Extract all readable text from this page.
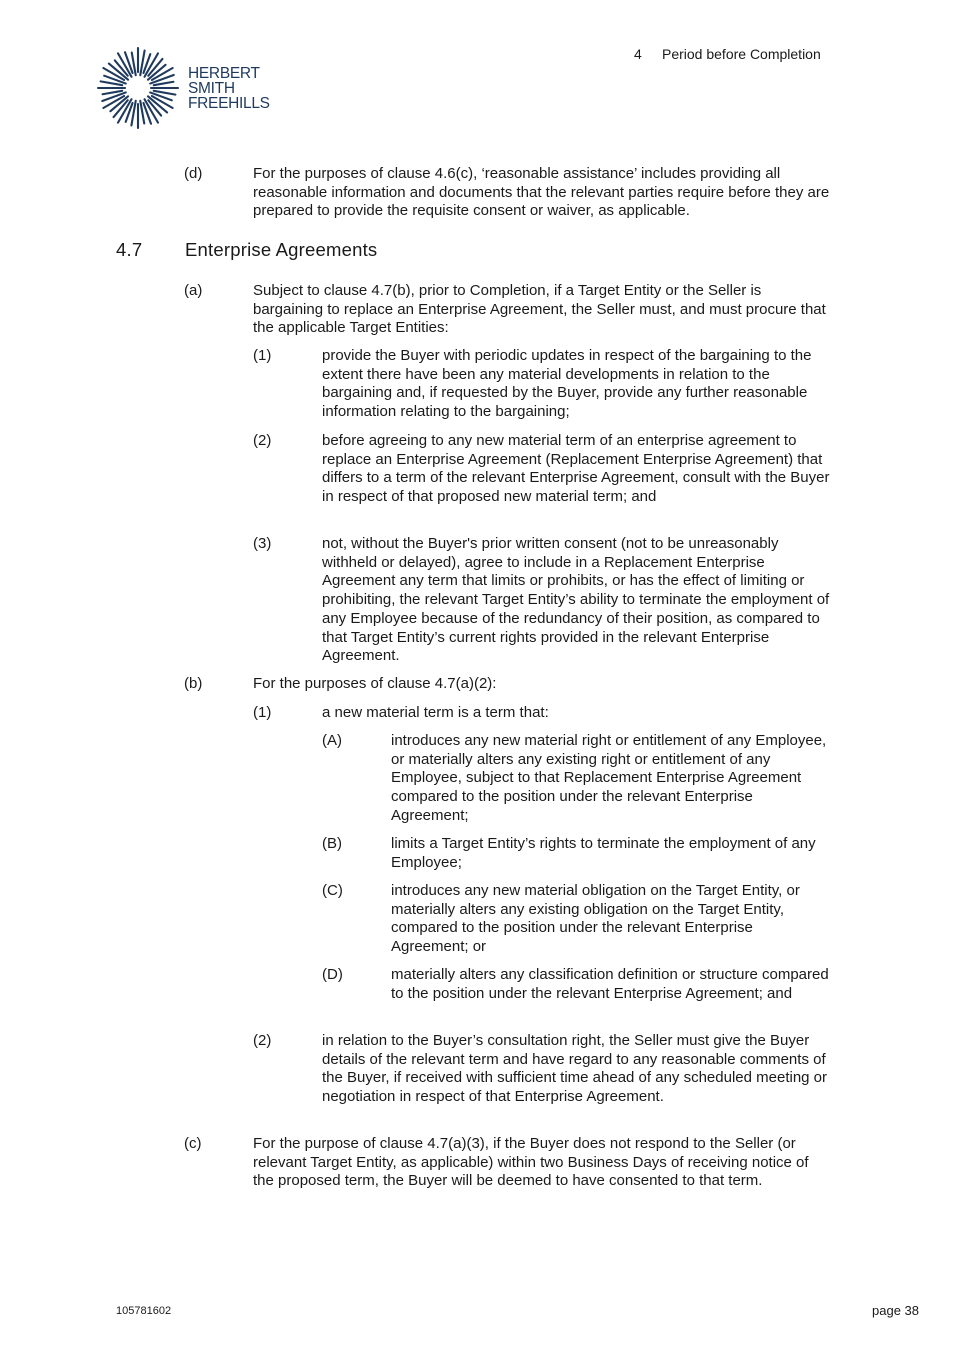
HERBERT
SMITH
FREEHILLS
4 Period before Completion
(d)	For the purposes of clause 4.6(c), ‘reasonable assistance’ includes providing all reasonable information and documents that the relevant parties require before they are prepared to provide the requisite consent or waiver, as applicable.
4.7 Enterprise Agreements
(a)	Subject to clause 4.7(b), prior to Completion, if a Target Entity or the Seller is bargaining to replace an Enterprise Agreement, the Seller must, and must procure that the applicable Target Entities:
(1)	provide the Buyer with periodic updates in respect of the bargaining to the extent there have been any material developments in relation to the bargaining and, if requested by the Buyer, provide any further reasonable information relating to the bargaining;
(2)	before agreeing to any new material term of an enterprise agreement to replace an Enterprise Agreement (Replacement Enterprise Agreement) that differs to a term of the relevant Enterprise Agreement, consult with the Buyer in respect of that proposed new material term; and
(3)	not, without the Buyer's prior written consent (not to be unreasonably withheld or delayed), agree to include in a Replacement Enterprise Agreement any term that limits or prohibits, or has the effect of limiting or prohibiting, the relevant Target Entity’s ability to terminate the employment of any Employee because of the redundancy of their position, as compared to that Target Entity’s current rights provided in the relevant Enterprise Agreement.
(b)	For the purposes of clause 4.7(a)(2):
(1)	a new material term is a term that:
(A)	introduces any new material right or entitlement of any Employee, or materially alters any existing right or entitlement of any Employee, subject to that Replacement Enterprise Agreement compared to the position under the relevant Enterprise Agreement;
(B)	limits a Target Entity’s rights to terminate the employment of any Employee;
(C)	introduces any new material obligation on the Target Entity, or materially alters any existing obligation on the Target Entity, compared to the position under the relevant Enterprise Agreement; or
(D)	materially alters any classification definition or structure compared to the position under the relevant Enterprise Agreement; and
(2)	in relation to the Buyer’s consultation right, the Seller must give the Buyer details of the relevant term and have regard to any reasonable comments of the Buyer, if received with sufficient time ahead of any scheduled meeting or negotiation in respect of that Enterprise Agreement.
(c)	For the purpose of clause 4.7(a)(3), if the Buyer does not respond to the Seller (or relevant Target Entity, as applicable) within two Business Days of receiving notice of the proposed term, the Buyer will be deemed to have consented to that term.
105781602	page 38
